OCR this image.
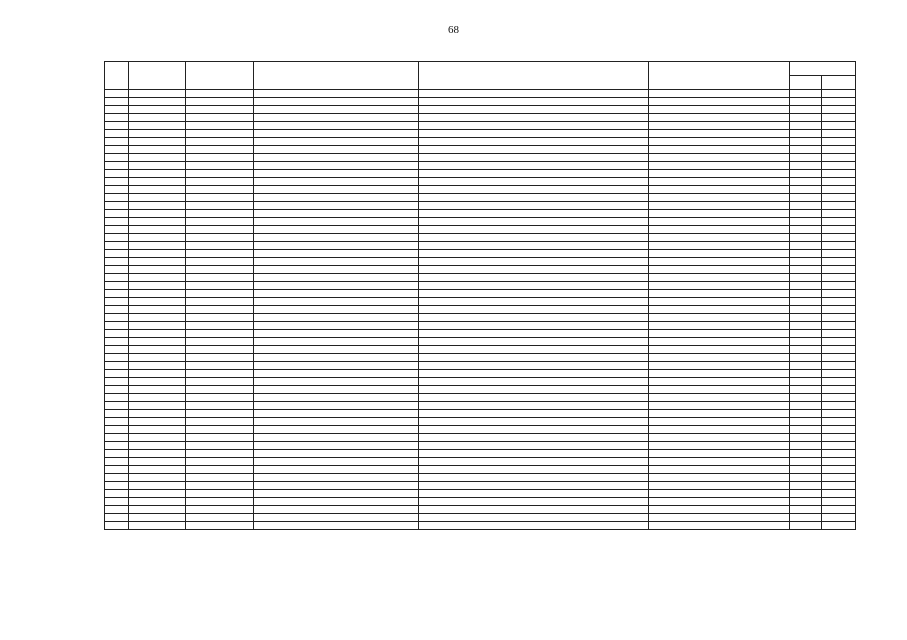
68
